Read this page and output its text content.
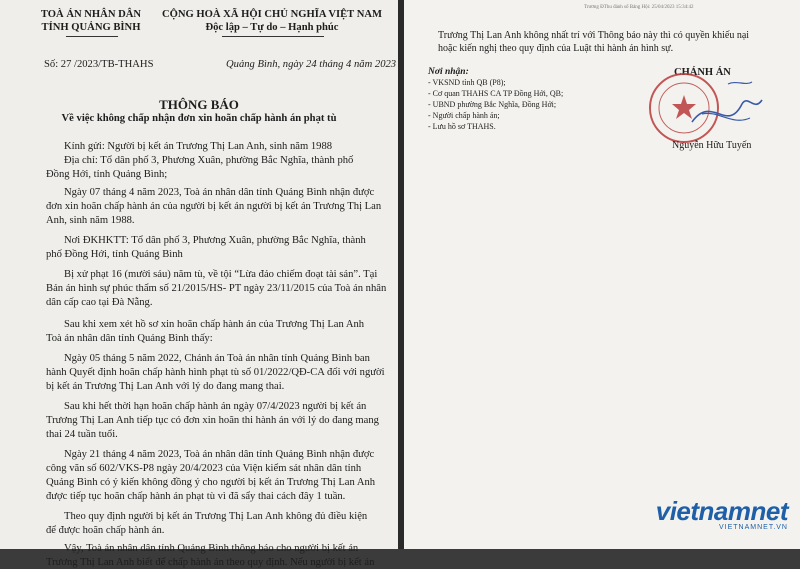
TOÀ ÁN NHÂN DÂN
TỈNH QUẢNG BÌNH
Số: 27 /2023/TB-THAHS
CỘNG HOÀ XÃ HỘI CHỦ NGHĨA VIỆT NAM
Độc lập – Tự do – Hạnh phúc
Quảng Bình, ngày 24 tháng 4 năm 2023
THÔNG BÁO
Về việc không chấp nhận đơn xin hoãn chấp hành án phạt tù
Kính gửi: Người bị kết án Trương Thị Lan Anh, sinh năm 1988
Địa chỉ: Tổ dân phố 3, Phương Xuân, phường Bắc Nghĩa, thành phố
Đồng Hới, tỉnh Quảng Bình;
Ngày 07 tháng 4 năm 2023, Toà án nhân dân tỉnh Quảng Bình nhận được
đơn xin hoãn chấp hành án của người bị kết án người bị kết án Trương Thị Lan
Anh, sinh năm 1988.
Nơi ĐKHKTT: Tổ dân phố 3, Phương Xuân, phường Bắc Nghĩa, thành
phố Đồng Hới, tỉnh Quảng Bình
Bị xử phạt 16 (mười sáu) năm tù, về tội “Lừa đảo chiếm đoạt tài sản”. Tại
Bản án hình sự phúc thẩm số 21/2015/HS- PT ngày 23/11/2015 của Toà án nhân
dân cấp cao tại Đà Nẵng.
Sau khi xem xét hồ sơ xin hoãn chấp hành án của Trương Thị Lan Anh
Toà án nhân dân tỉnh Quảng Bình thấy:
Ngày 05 tháng 5 năm 2022, Chánh án Toà án nhân tỉnh Quảng Bình ban
hành Quyết định hoãn chấp hành hình phạt tù số 01/2022/QĐ-CA đối với người
bị kết án Trương Thị Lan Anh với lý do đang mang thai.
Sau khi hết thời hạn hoãn chấp hành án ngày 07/4/2023 người bị kết án
Trương Thị Lan Anh tiếp tục có đơn xin hoãn thi hành án với lý do đang mang
thai 24 tuần tuổi.
Ngày 21 tháng 4 năm 2023, Toà án nhân dân tỉnh Quảng Bình nhận được
công văn số 602/VKS-P8 ngày 20/4/2023 của Viện kiểm sát nhân dân tỉnh
Quảng Bình có ý kiến không đồng ý cho người bị kết án Trương Thị Lan Anh
được tiếp tục hoãn chấp hành án phạt tù vì đã sẩy thai cách đây 1 tuần.
Theo quy định người bị kết án Trương Thị Lan Anh không đủ điều kiện
để được hoãn chấp hành án.
Vậy, Toà án nhân dân tỉnh Quảng Bình thông báo cho người bị kết án
Trương Thị Lan Anh biết để chấp hành án theo quy định. Nếu người bị kết án
Trương ĐThu đánh số Bảng Hội: 25/04/2023 15:34:42
Trương Thị Lan Anh không nhất trí với Thông báo này thì có quyền khiếu nại
hoặc kiến nghị theo quy định của Luật thi hành án hình sự.
Nơi nhận:
- VKSND tỉnh QB (P8);
- Cơ quan THAHS CA TP Đồng Hới, QB;
- UBND phường Bắc Nghĩa, Đồng Hới;
- Người chấp hành án;
- Lưu hồ sơ THAHS.
CHÁNH ÁN
Nguyễn Hữu Tuyến
vietnamnet
VIETNAMNET.VN
